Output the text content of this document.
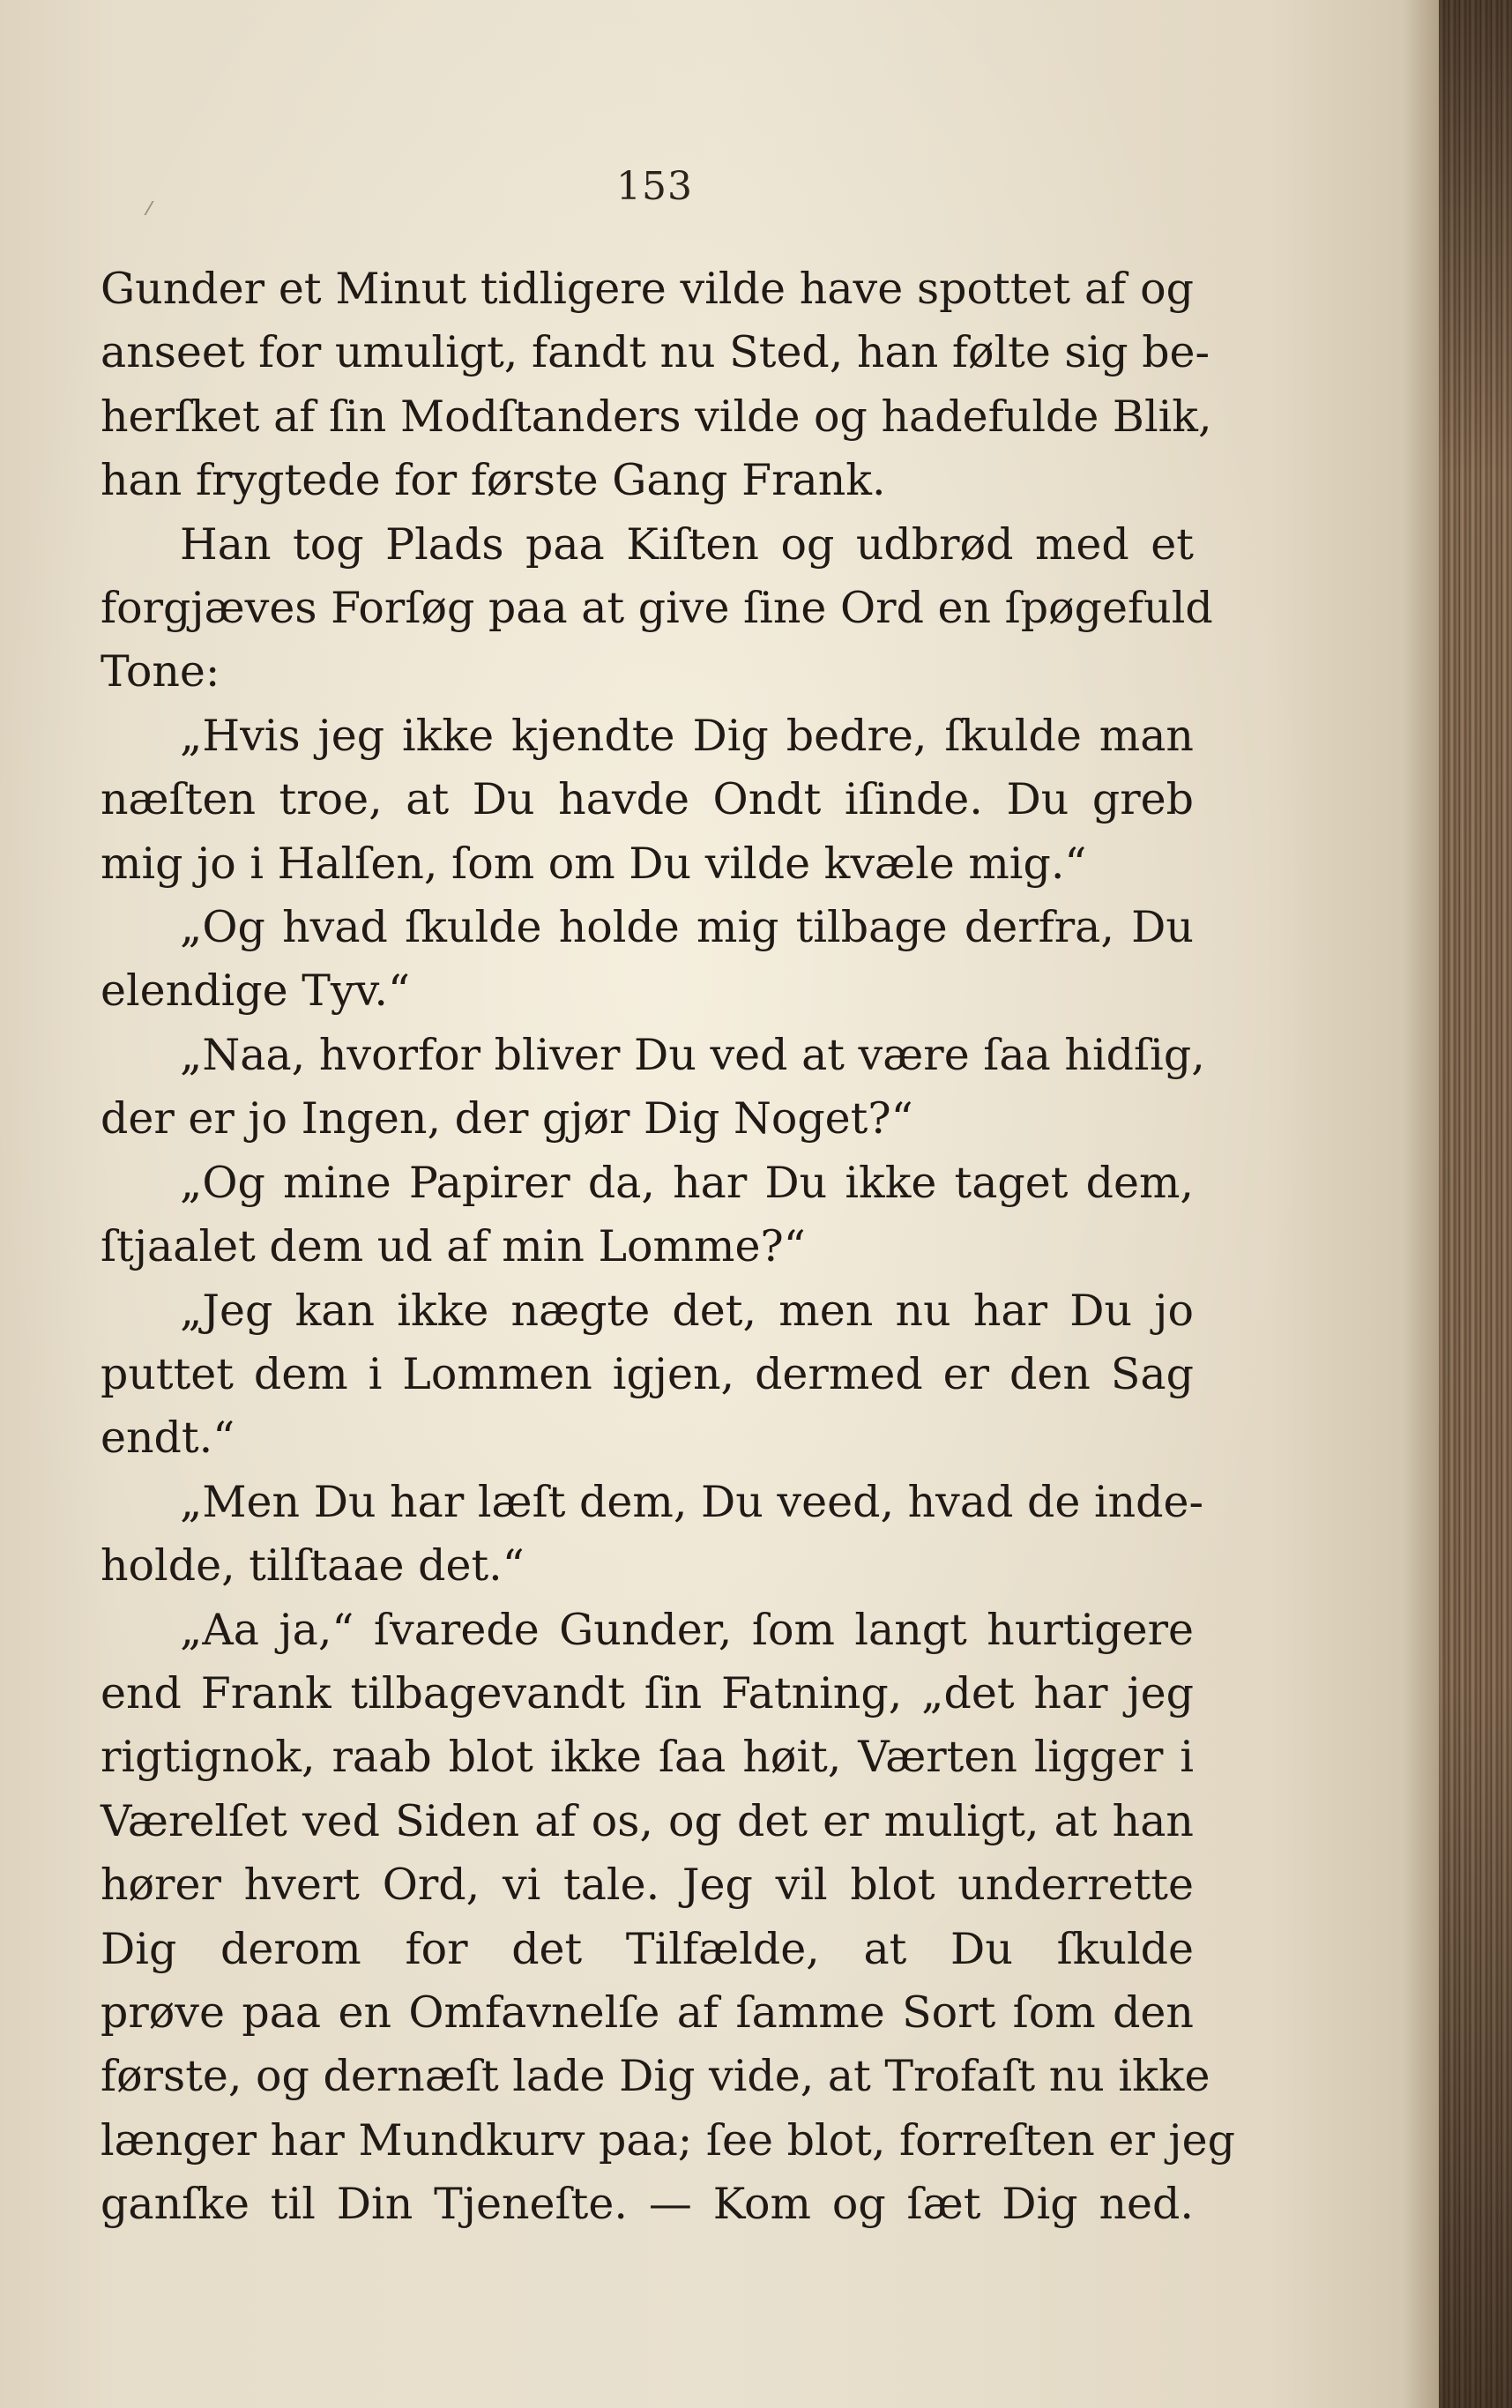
153
Gunder et Minut tidligere vilde have spottet af og
anseet for umuligt, fandt nu Sted, han følte sig be-
herſket af ſin Modſtanders vilde og hadefulde Blik,
han frygtede for første Gang Frank.
Han tog Plads paa Kiſten og udbrød med et
forgjæves Forſøg paa at give ſine Ord en ſpøgefuld
Tone:
„Hvis jeg ikke kjendte Dig bedre, ſkulde man
næſten troe, at Du havde Ondt iſinde. Du greb
mig jo i Halſen, ſom om Du vilde kvæle mig.“
„Og hvad ſkulde holde mig tilbage derfra, Du
elendige Tyv.“
„Naa, hvorfor bliver Du ved at være ſaa hidſig,
der er jo Ingen, der gjør Dig Noget?“
„Og mine Papirer da, har Du ikke taget dem,
ſtjaalet dem ud af min Lomme?“
„Jeg kan ikke nægte det, men nu har Du jo
puttet dem i Lommen igjen, dermed er den Sag
endt.“
„Men Du har læſt dem, Du veed, hvad de inde-
holde, tilſtaae det.“
„Aa ja,“ ſvarede Gunder, ſom langt hurtigere
end Frank tilbagevandt ſin Fatning, „det har jeg
rigtignok, raab blot ikke ſaa høit, Værten ligger i
Værelſet ved Siden af os, og det er muligt, at han
hører hvert Ord, vi tale. Jeg vil blot underrette
Dig derom for det Tilfælde, at Du ſkulde
prøve paa en Omfavnelſe af ſamme Sort ſom den
første, og dernæſt lade Dig vide, at Trofaſt nu ikke
længer har Mundkurv paa; ſee blot, forreſten er jeg
ganſke til Din Tjeneſte. — Kom og ſæt Dig ned.
